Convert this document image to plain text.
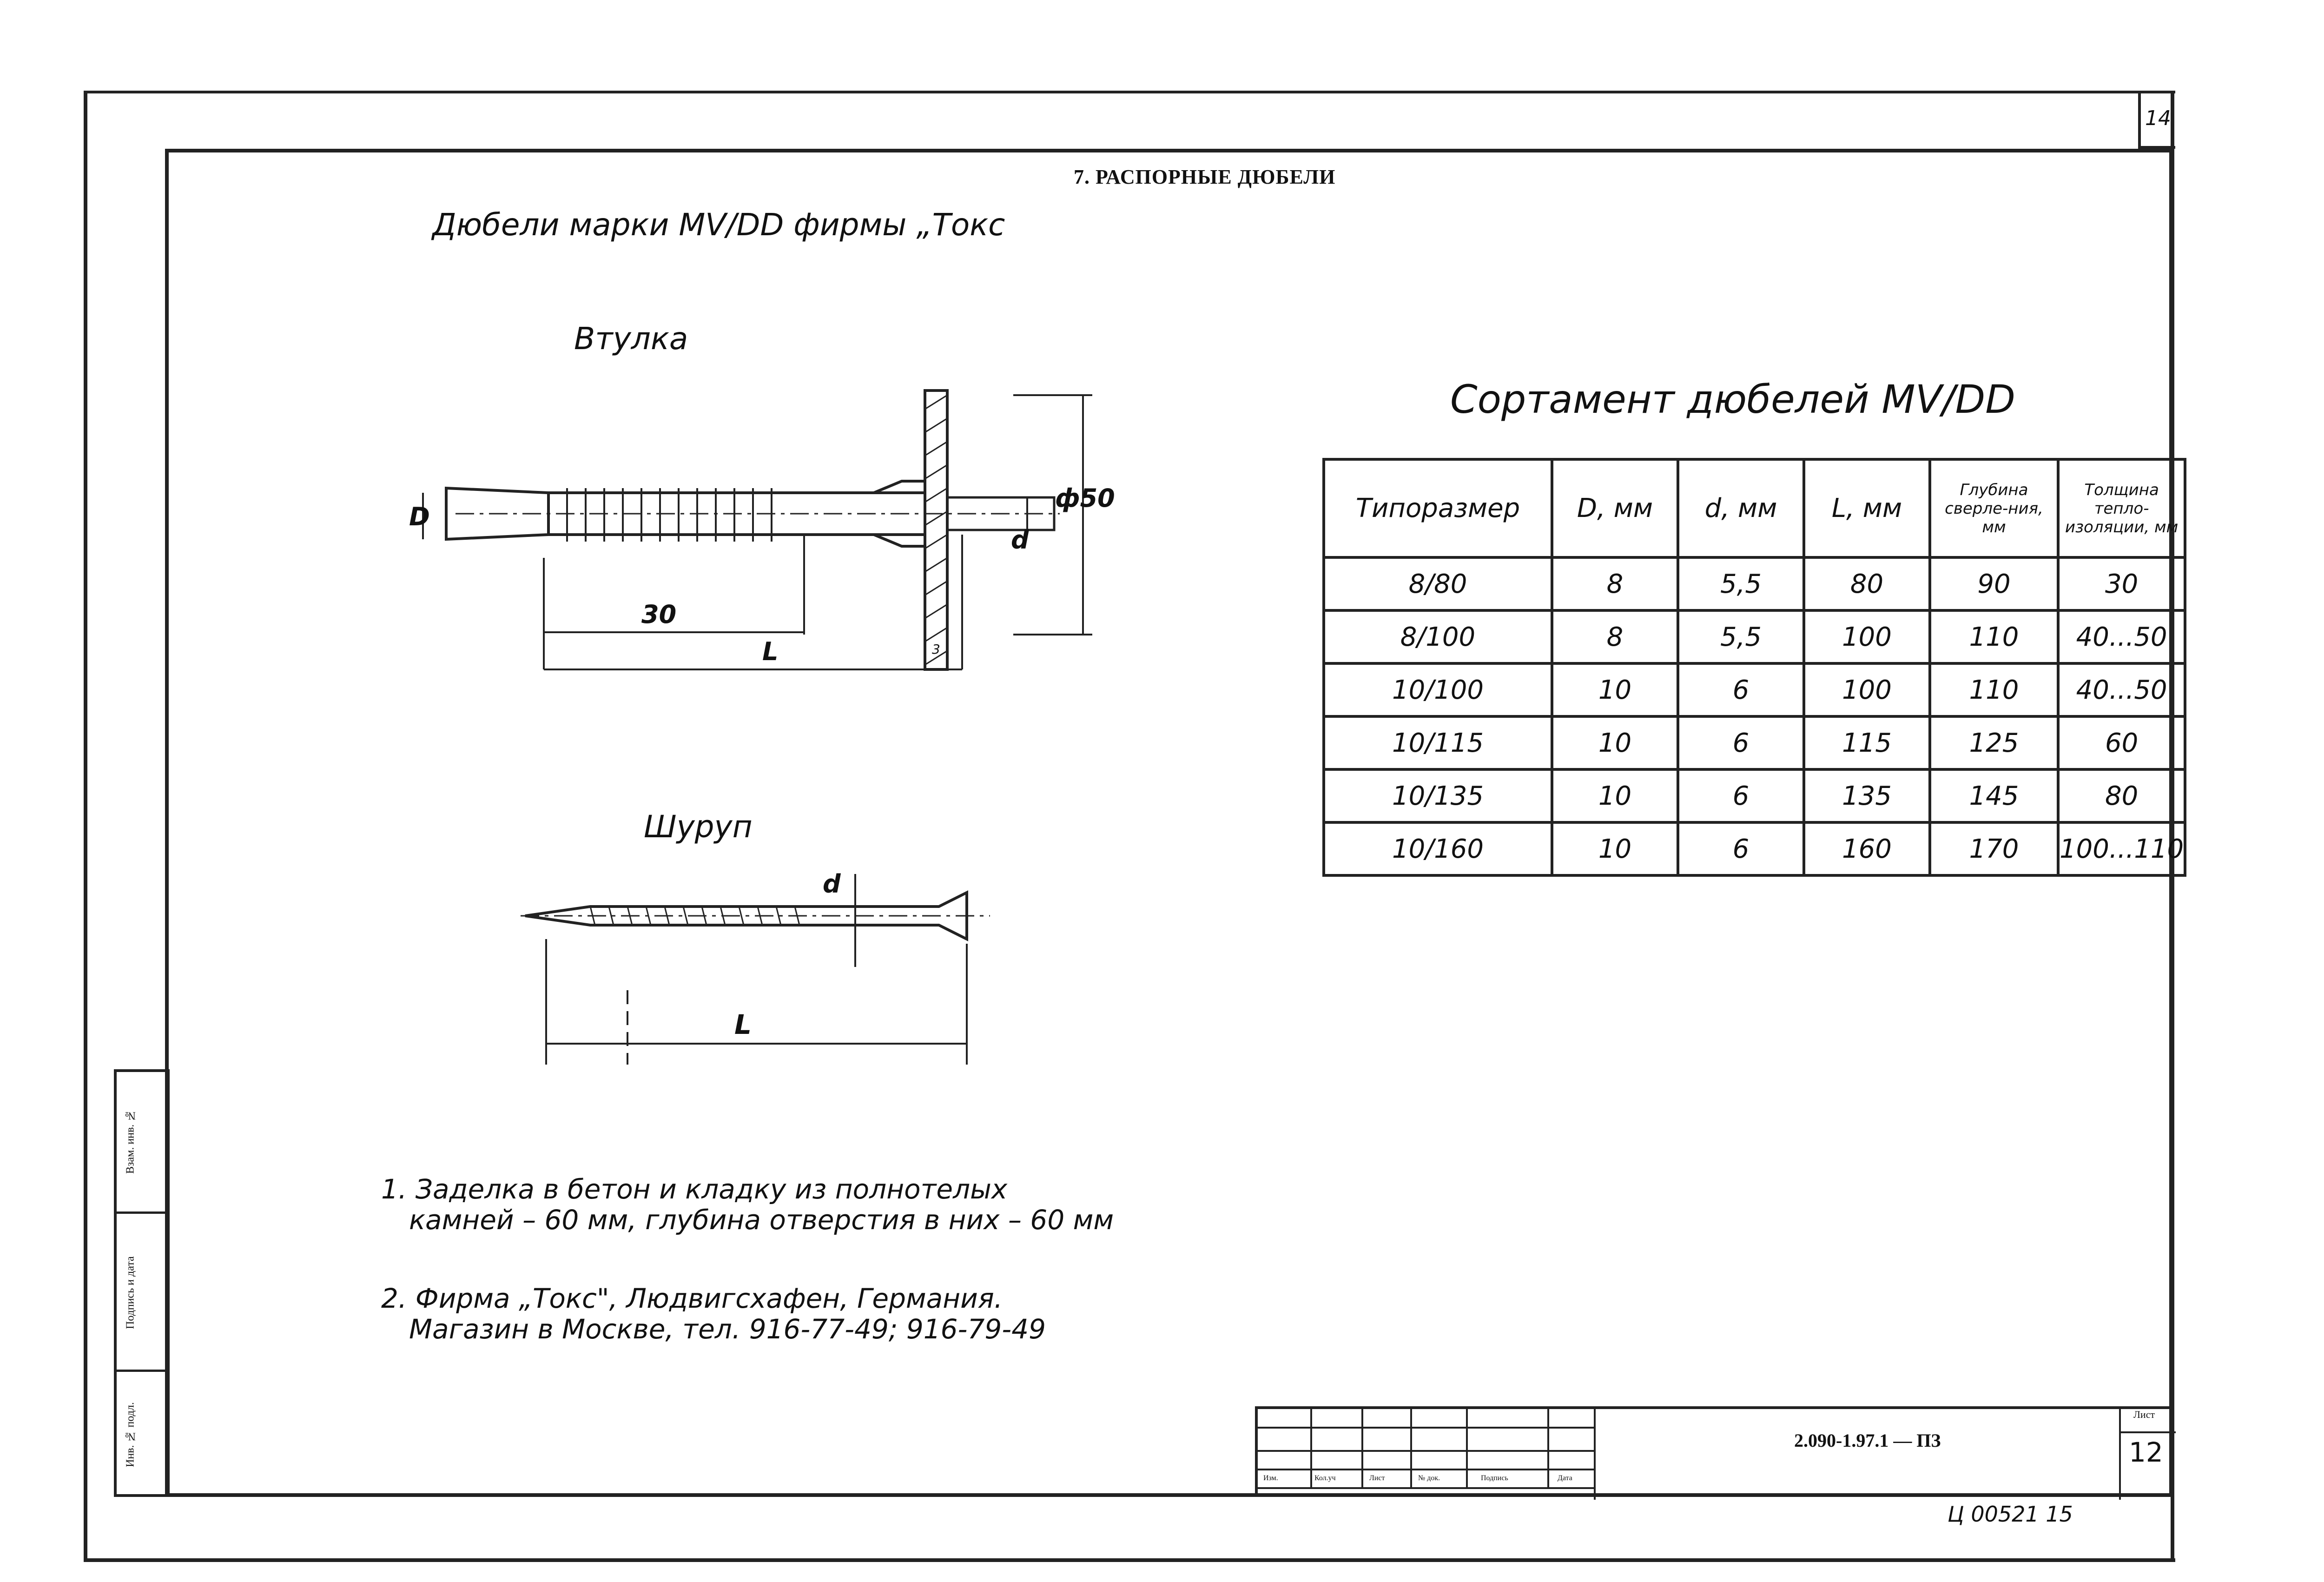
14
7. РАСПОРНЫЕ ДЮБЕЛИ
Дюбели марки MV/DD фирмы „Токс
Втулка
D
d
ф50
30
L	3
Шуруп
d
L
Сортамент дюбелей MV/DD
Типоразмер	D, мм	d, мм	L, мм	Глубина сверле-ния, мм	Толщина тепло-изоляции, мм
8/80	8	5,5	80	90	30
8/100	8	5,5	100	110	40...50
10/100	10	6	100	110	40...50
10/115	10	6	115	125	60
10/135	10	6	135	145	80
10/160	10	6	160	170	100...110
1. Заделка в бетон и кладку из полнотелых
камней – 60 мм, глубина отверстия в них – 60 мм
2. Фирма „Токс", Людвигсхафен, Германия.
Магазин в Москве, тел. 916-77-49; 916-79-49
Взам. инв. №
Подпись и дата
Инв. № подл.
Изм.	Кол.уч	Лист	№ док.	Подпись	Дата
2.090-1.97.1 — ПЗ
Лист
12
Ц 00521 15
